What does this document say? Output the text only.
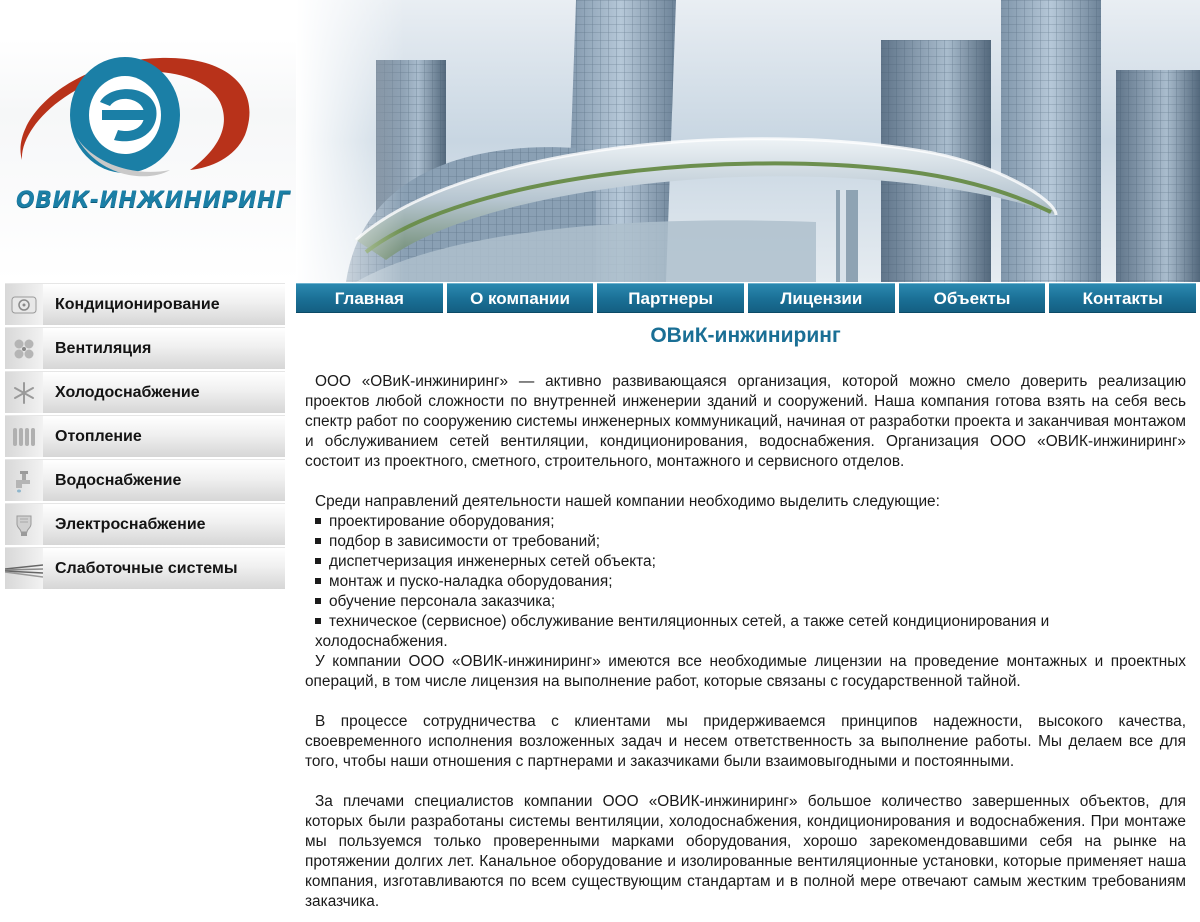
ОВИК-ИНЖИНИРИНГ
Главная	О компании	Партнеры	Лицензии	Объекты	Контакты
Кондиционирование
Вентиляция
Холодоснабжение
Отопление
Водоснабжение
Электроснабжение
Слаботочные системы
ОВиК-инжиниринг

ООО «ОВиК-инжиниринг» — активно развивающаяся организация, которой можно смело доверить реализацию проектов любой сложности по внутренней инженерии зданий и сооружений. Наша компания готова взять на себя весь спектр работ по сооружению системы инженерных коммуникаций, начиная от разработки проекта и заканчивая монтажом и обслуживанием сетей вентиляции, кондиционирования, водоснабжения. Организация ООО «ОВИК-инжиниринг» состоит из проектного, сметного, строительного, монтажного и сервисного отделов.

Среди направлений деятельности нашей компании необходимо выделить следующие:

проектирование оборудования;
подбор в зависимости от требований;
диспетчеризация инженерных сетей объекта;
монтаж и пуско-наладка оборудования;
обучение персонала заказчика;
техническое (сервисное) обслуживание вентиляционных сетей, а также сетей кондиционирования и холодоснабжения.

У компании ООО «ОВИК-инжиниринг» имеются все необходимые лицензии на проведение монтажных и проектных операций, в том числе лицензия на выполнение работ, которые связаны с государственной тайной.

В процессе сотрудничества с клиентами мы придерживаемся принципов надежности, высокого качества, своевременного исполнения возложенных задач и несем ответственность за выполнение работы. Мы делаем все для того, чтобы наши отношения с партнерами и заказчиками были взаимовыгодными и постоянными.

За плечами специалистов компании ООО «ОВИК-инжиниринг» большое количество завершенных объектов, для которых были разработаны системы вентиляции, холодоснабжения, кондиционирования и водоснабжения. При монтаже мы пользуемся только проверенными марками оборудования, хорошо зарекомендовавшими себя на рынке на протяжении долгих лет. Канальное оборудование и изолированные вентиляционные установки, которые применяет наша компания, изготавливаются по всем существующим стандартам и в полной мере отвечают самым жестким требованиям заказчика.
